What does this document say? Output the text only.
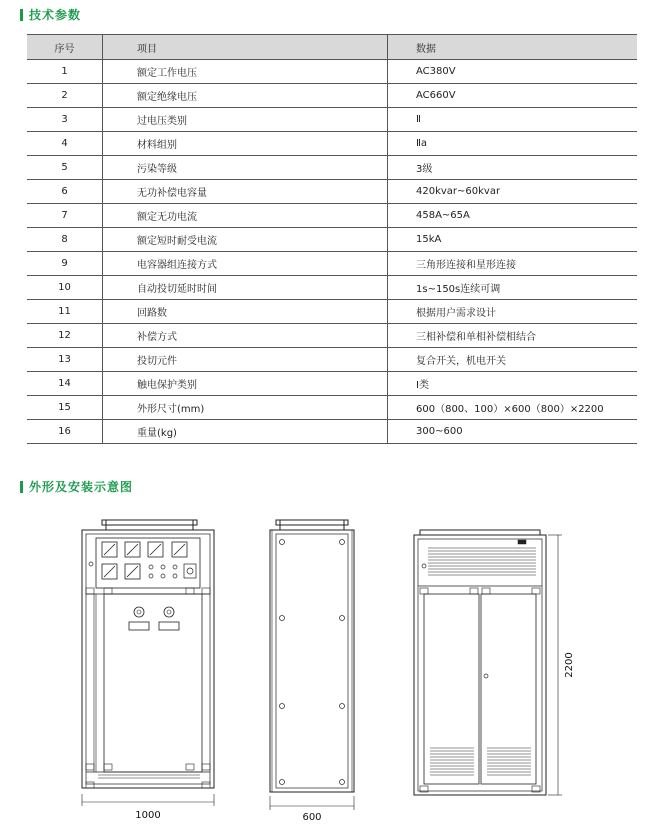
技术参数
序号	项目	数据
1	额定工作电压	AC380V
2	额定绝缘电压	AC660V
3	过电压类别	Ⅱ
4	材料组别	Ⅱa
5	污染等级	3级
6	无功补偿电容量	420kvar~60kvar
7	额定无功电流	458A~65A
8	额定短时耐受电流	15kA
9	电容器组连接方式	三角形连接和星形连接
10	自动投切延时时间	1s~150s连续可调
11	回路数	根据用户需求设计
12	补偿方式	三相补偿和单相补偿相结合
13	投切元件	复合开关，机电开关
14	触电保护类别	Ⅰ类
15	外形尺寸(mm)	600（800、100）×600（800）×2200
16	重量(kg)	300~600
外形及安装示意图
1000	600
2200
